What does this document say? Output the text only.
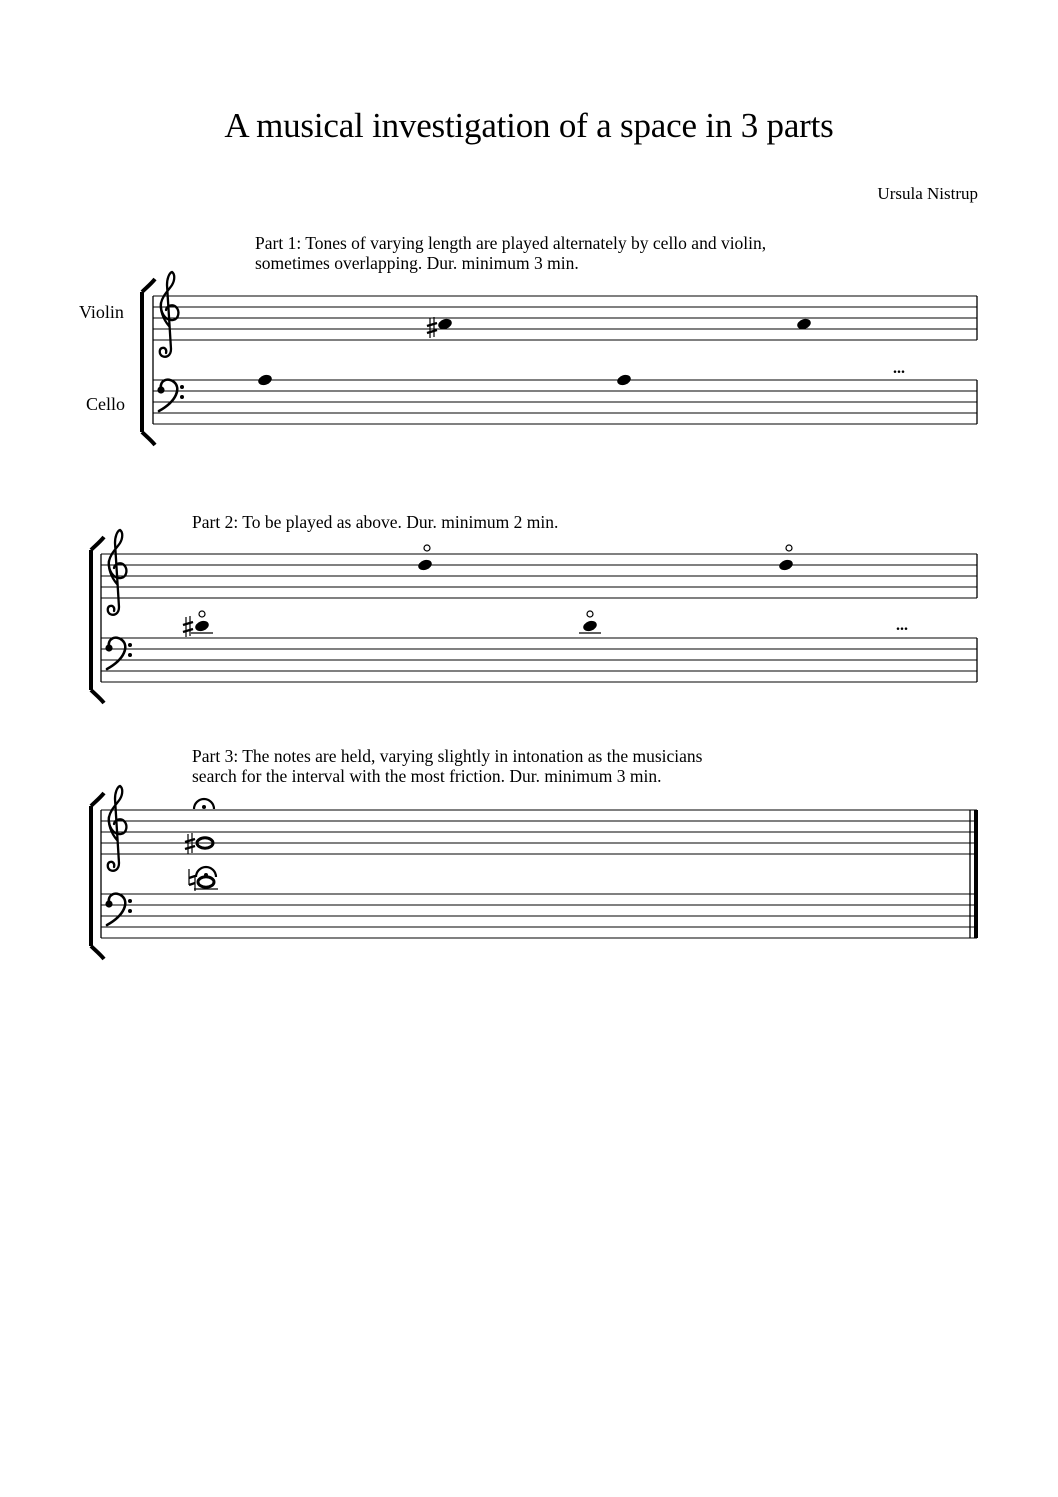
A musical investigation of a space in 3 parts
Ursula Nistrup
Part 1: Tones of varying length are played alternately by cello and violin,
sometimes overlapping. Dur. minimum 3 min.
Part 2: To be played as above. Dur. minimum 2 min.
Part 3: The notes are held, varying slightly in intonation as the musicians
search for the interval with the most friction. Dur. minimum 3 min.
Violin
Cello
...
...
